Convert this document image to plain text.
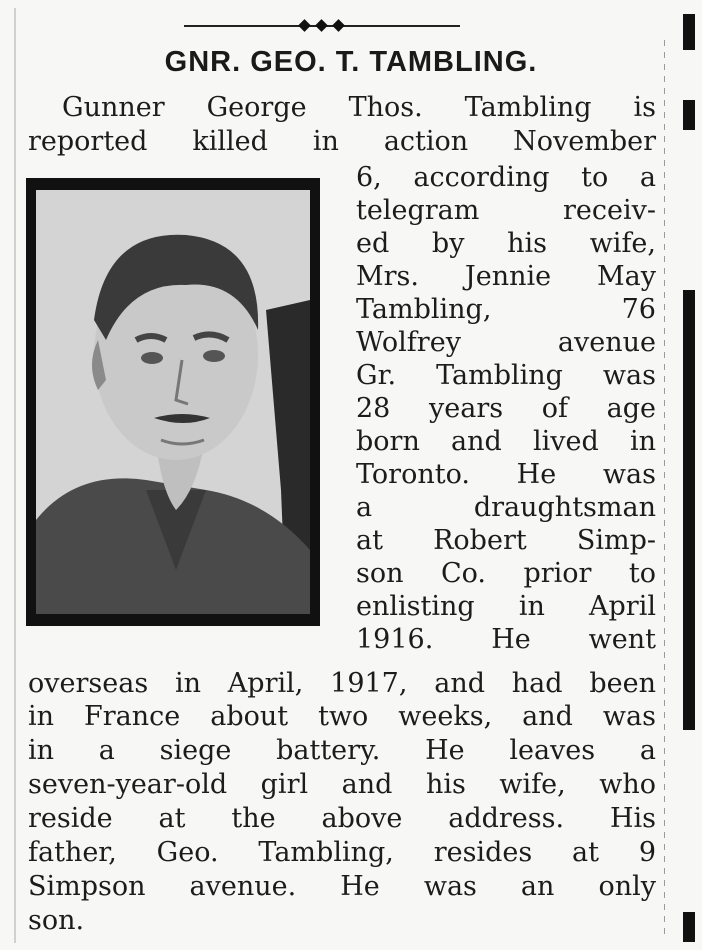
GNR. GEO. T. TAMBLING.
Gunner George Thos. Tambling is
reported killed in action November
6, according to a
telegram receiv-
ed by his wife,
Mrs. Jennie May
Tambling, 76
Wolfrey avenue
Gr. Tambling was
28 years of age
born and lived in
Toronto. He was
a draughtsman
at Robert Simp-
son Co. prior to
enlisting in April
1916. He went
overseas in April, 1917, and had been
in France about two weeks, and was
in a siege battery. He leaves a
seven-year-old girl and his wife, who
reside at the above address. His
father, Geo. Tambling, resides at 9
Simpson avenue. He was an only
son.
